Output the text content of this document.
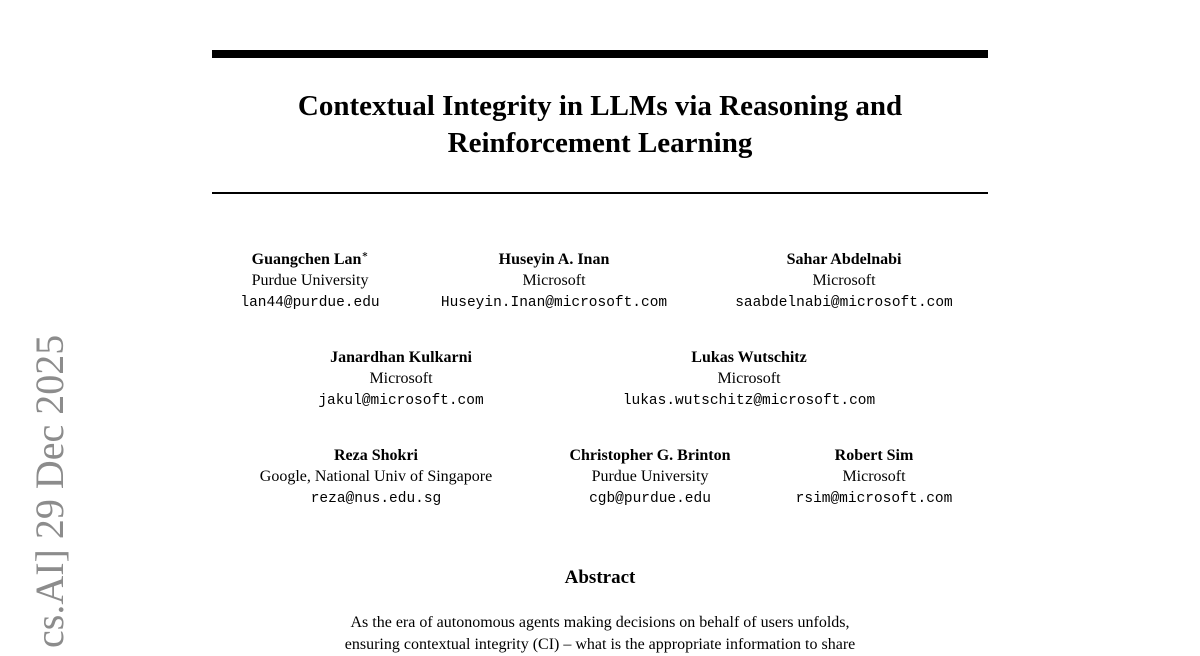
Contextual Integrity in LLMs via Reasoning and
Reinforcement Learning
Guangchen Lan∗
Purdue University
lan44@purdue.edu
Huseyin A. Inan
Microsoft
Huseyin.Inan@microsoft.com
Sahar Abdelnabi
Microsoft
saabdelnabi@microsoft.com
Janardhan Kulkarni
Microsoft
jakul@microsoft.com
Lukas Wutschitz
Microsoft
lukas.wutschitz@microsoft.com
Reza Shokri
Google, National Univ of Singapore
reza@nus.edu.sg
Christopher G. Brinton
Purdue University
cgb@purdue.edu
Robert Sim
Microsoft
rsim@microsoft.com
Abstract
As the era of autonomous agents making decisions on behalf of users unfolds,
ensuring contextual integrity (CI) – what is the appropriate information to share
cs.AI] 29 Dec 2025
